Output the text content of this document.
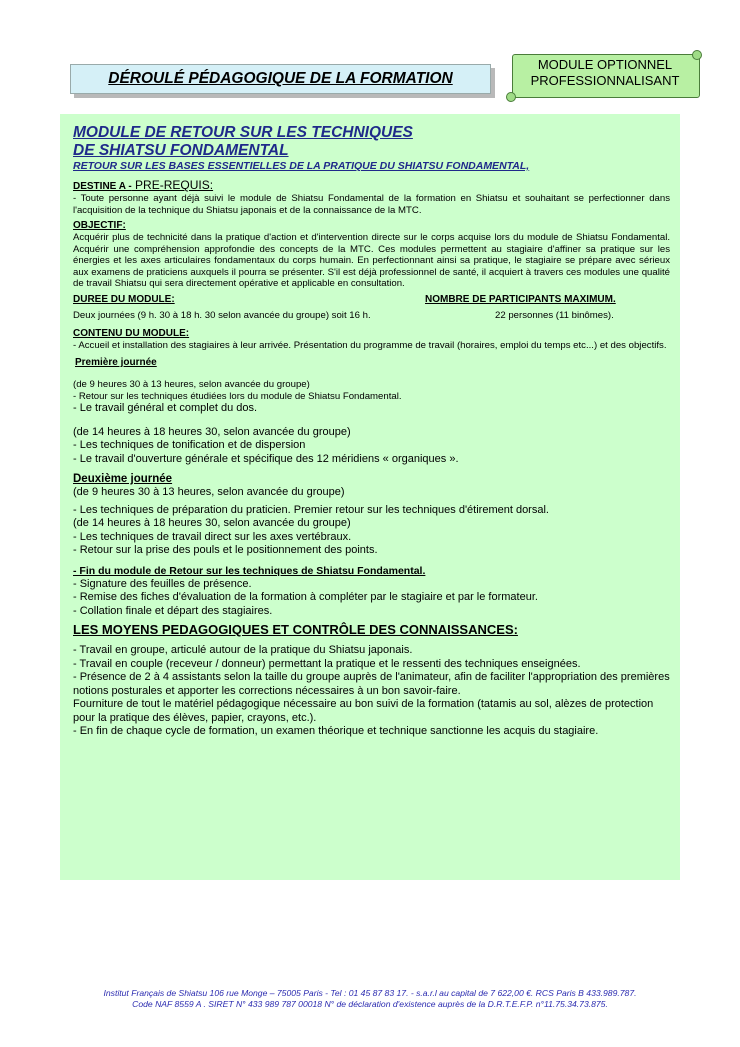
DÉROULÉ PÉDAGOGIQUE DE LA FORMATION
MODULE OPTIONNEL
PROFESSIONNALISANT
MODULE DE RETOUR SUR LES TECHNIQUES
DE SHIATSU FONDAMENTAL
RETOUR SUR LES BASES ESSENTIELLES DE LA PRATIQUE DU SHIATSU FONDAMENTAL,
DESTINE A - PRE-REQUIS:
- Toute personne ayant déjà suivi le module de Shiatsu Fondamental de la formation en Shiatsu et souhaitant se perfectionner dans l'acquisition de la technique du Shiatsu japonais et de la connaissance de la MTC.
OBJECTIF:
Acquérir plus de technicité dans la pratique d'action et d'intervention directe sur le corps acquise lors du module de Shiatsu Fondamental. Acquérir une compréhension approfondie des concepts de la MTC. Ces modules permettent au stagiaire d'affiner sa pratique sur les énergies et les axes articulaires fondamentaux du corps humain. En perfectionnant ainsi sa pratique, le stagiaire se prépare avec sérieux aux examens de praticiens auxquels il pourra se présenter. S'il est déjà professionnel de santé, il acquiert à travers ces modules une qualité de travail Shiatsu qui sera directement opérative et applicable en consultation.
DUREE DU MODULE:	NOMBRE DE PARTICIPANTS MAXIMUM.
Deux journées (9 h. 30 à 18 h. 30 selon avancée du groupe) soit 16 h.	22 personnes (11 binômes).
CONTENU DU MODULE:
- Accueil et installation des stagiaires à leur arrivée. Présentation du programme de travail (horaires, emploi du temps etc...) et des objectifs.
Première journée
(de 9 heures 30 à 13 heures, selon avancée du groupe)
- Retour sur les techniques étudiées lors du module de Shiatsu Fondamental.
- Le travail général et complet du dos.
(de 14 heures à 18 heures 30, selon avancée du groupe)
- Les techniques de tonification et de dispersion
- Le travail d'ouverture générale et spécifique des 12 méridiens « organiques ».
Deuxième journée
(de 9 heures 30 à 13 heures, selon avancée du groupe)
- Les techniques de préparation du praticien. Premier retour sur les techniques d'étirement dorsal.
(de 14 heures à 18 heures 30, selon avancée du groupe)
- Les techniques de travail direct sur les axes vertébraux.
- Retour sur la prise des pouls et le positionnement des points.
- Fin du module de Retour sur les techniques de Shiatsu Fondamental.
- Signature des feuilles de présence.
- Remise des fiches d'évaluation de la formation à compléter par le stagiaire et par le formateur.
- Collation finale et départ des stagiaires.
LES MOYENS PEDAGOGIQUES ET CONTRÔLE DES CONNAISSANCES:
- Travail en groupe, articulé autour de la pratique du Shiatsu japonais.
- Travail en couple (receveur / donneur) permettant la pratique et le ressenti des techniques enseignées.
- Présence de 2 à 4 assistants selon la taille du groupe auprès de l'animateur, afin de faciliter l'appropriation des premières notions posturales et apporter les corrections nécessaires à un bon savoir-faire.
Fourniture de tout le matériel pédagogique nécessaire au bon suivi de la formation (tatamis au sol, alèzes de protection pour la pratique des élèves, papier, crayons, etc.).
- En fin de chaque cycle de formation, un examen théorique et technique sanctionne les acquis du stagiaire.
Institut Français de Shiatsu 106 rue Monge – 75005 Paris - Tel : 01 45 87 83 17. - s.a.r.l au capital de 7 622,00 €. RCS Paris B 433.989.787.
Code NAF 8559 A . SIRET N° 433 989 787 00018 N° de déclaration d'existence auprès de la D.R.T.E.F.P. n°11.75.34.73.875.
